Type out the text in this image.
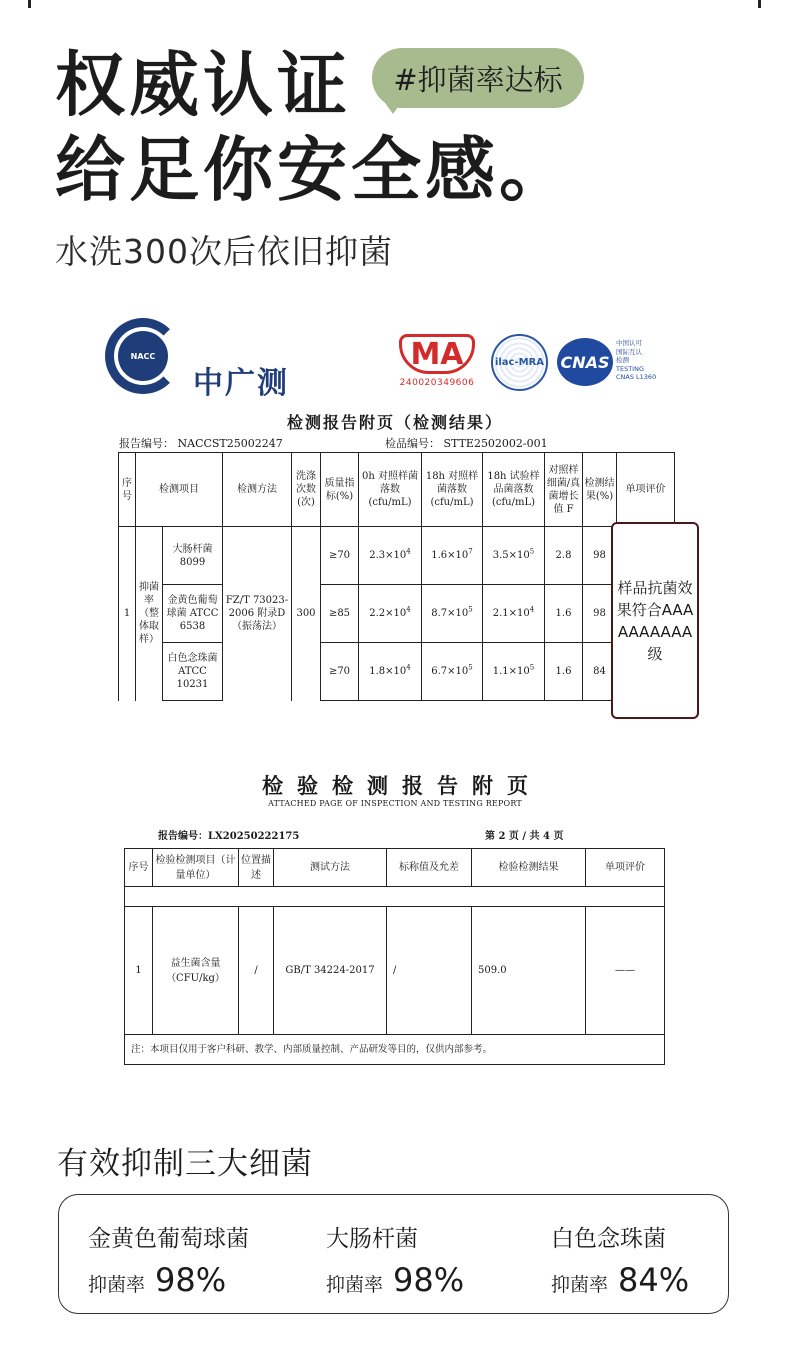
权威认证
给足你安全感。
#抑菌率达标
水洗300次后依旧抑菌
NACC
中广测
MA
240020349606
ilac-MRA CNAS
中国认可
国际互认
检测
TESTING
CNAS L1360
检测报告附页（检测结果）
报告编号： NACCST25002247	检品编号： STTE2502002-001
序号	检测项目		检测方法	洗涤次数(次)	质量指标(%)	0h 对照样菌落数(cfu/mL)	18h 对照样菌落数(cfu/mL)	18h 试验样品菌落数(cfu/mL)	对照样细菌/真菌增长值 F	检测结果(%)	单项评价
1	抑菌率（整体取样）	大肠杆菌 8099	FZ/T 73023-2006 附录D（振荡法）	300	≥70	$2.3\times 10^4$	$1.6\times 10^7$	$3.5\times 10^5$	2.8	98	
		金黄色葡萄球菌 ATCC 6538			≥85	$2.2\times 10^4$	$8.7\times 10^5$	$2.1\times 10^4$	1.6	98	
		白色念珠菌 ATCC 10231			≥70	$1.8\times 10^4$	$6.7\times 10^5$	$1.1\times 10^5$	1.6	84	
样品抗菌效果符合AAAAAAAAAA级
检验检测报告附页
ATTACHED PAGE OF INSPECTION AND TESTING REPORT
报告编号：LX20250222175	第 2 页 / 共 4 页
序号	检验检测项目（计量单位）	位置描述	测试方法	标称值及允差	检验检测结果	单项评价

1	益生菌含量（CFU/kg）	/	GB/T 34224-2017	/	509.0	——
注：本项目仅用于客户科研、教学、内部质量控制、产品研发等目的，仅供内部参考。						
有效抑制三大细菌
金黄色葡萄球菌
抑菌率 98%
大肠杆菌
抑菌率 98%
白色念珠菌
抑菌率 84%
